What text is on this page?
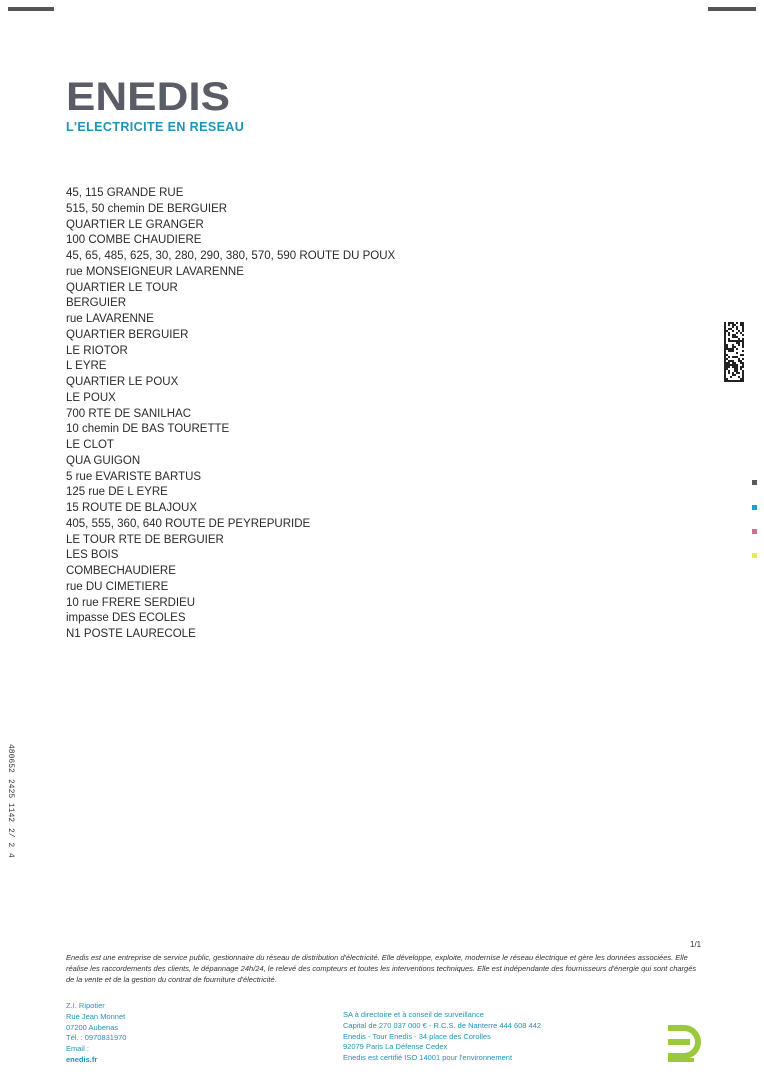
ENEDIS
L'ELECTRICITE EN RESEAU
45, 115 GRANDE RUE
515, 50 chemin DE BERGUIER
QUARTIER LE GRANGER
100 COMBE CHAUDIERE
45, 65, 485, 625, 30, 280, 290, 380, 570, 590 ROUTE DU POUX
rue MONSEIGNEUR LAVARENNE
QUARTIER LE TOUR
BERGUIER
rue LAVARENNE
QUARTIER BERGUIER
LE RIOTOR
L EYRE
QUARTIER LE POUX
LE POUX
700 RTE DE SANILHAC
10 chemin DE BAS TOURETTE
LE CLOT
QUA GUIGON
5 rue EVARISTE BARTUS
125 rue DE L EYRE
15 ROUTE DE BLAJOUX
405, 555, 360, 640 ROUTE DE PEYREPURIDE
LE TOUR RTE DE BERGUIER
LES BOIS
COMBECHAUDIERE
rue DU CIMETIERE
10 rue FRERE SERDIEU
impasse DES ECOLES
N1 POSTE LAURECOLE
480652
2425 1142
2/ 2
4
1/1

Enedis est une entreprise de service public, gestionnaire du réseau de distribution d'électricité. Elle développe, exploite, modernise le réseau électrique et gère les données associées. Elle réalise les raccordements des clients, le dépannage 24h/24, le relevé des compteurs et toutes les interventions techniques. Elle est indépendante des fournisseurs d'énergie qui sont chargés de la vente et de la gestion du contrat de fourniture d'électricité.

Z.I. Ripotier
Rue Jean Monnet
07200 Aubenas
Tél. : 0970831970
Email :
enedis.fr
SA à directoire et à conseil de surveillance
Capital de 270 037 000 € - R.C.S. de Nanterre 444 608 442
Enedis - Tour Enedis - 34 place des Corolles
92079 Paris La Défense Cedex
Enedis est certifié ISO 14001 pour l'environnement
